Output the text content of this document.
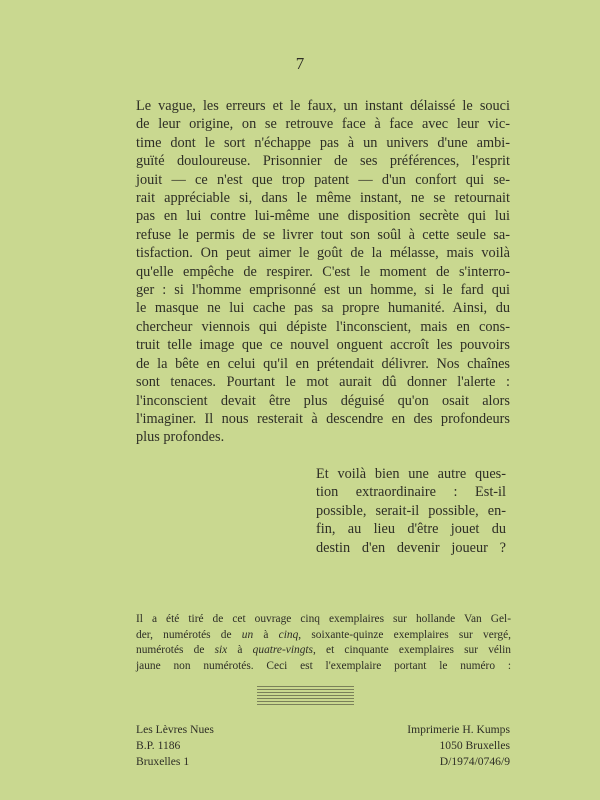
7
Le vague, les erreurs et le faux, un instant délaissé le souci
de leur origine, on se retrouve face à face avec leur vic-
time dont le sort n'échappe pas à un univers d'une ambi-
guïté douloureuse. Prisonnier de ses préférences, l'esprit
jouit — ce n'est que trop patent — d'un confort qui se-
rait appréciable si, dans le même instant, ne se retournait
pas en lui contre lui-même une disposition secrète qui lui
refuse le permis de se livrer tout son soûl à cette seule sa-
tisfaction. On peut aimer le goût de la mélasse, mais voilà
qu'elle empêche de respirer. C'est le moment de s'interro-
ger : si l'homme emprisonné est un homme, si le fard qui
le masque ne lui cache pas sa propre humanité. Ainsi, du
chercheur viennois qui dépiste l'inconscient, mais en cons-
truit telle image que ce nouvel onguent accroît les pouvoirs
de la bête en celui qu'il en prétendait délivrer. Nos chaînes
sont tenaces. Pourtant le mot aurait dû donner l'alerte :
l'inconscient devait être plus déguisé qu'on osait alors
l'imaginer. Il nous resterait à descendre en des profondeurs
plus profondes.
Et voilà bien une autre ques-
tion extraordinaire : Est-il
possible, serait-il possible, en-
fin, au lieu d'être jouet du
destin d'en devenir joueur ?
Il a été tiré de cet ouvrage cinq exemplaires sur hollande Van Gel-
der, numérotés de un à cinq, soixante-quinze exemplaires sur vergé,
numérotés de six à quatre-vingts, et cinquante exemplaires sur vélin
jaune non numérotés. Ceci est l'exemplaire portant le numéro :
Les Lèvres Nues
B.P. 1186
Bruxelles 1
Imprimerie H. Kumps
1050 Bruxelles
D/1974/0746/9
